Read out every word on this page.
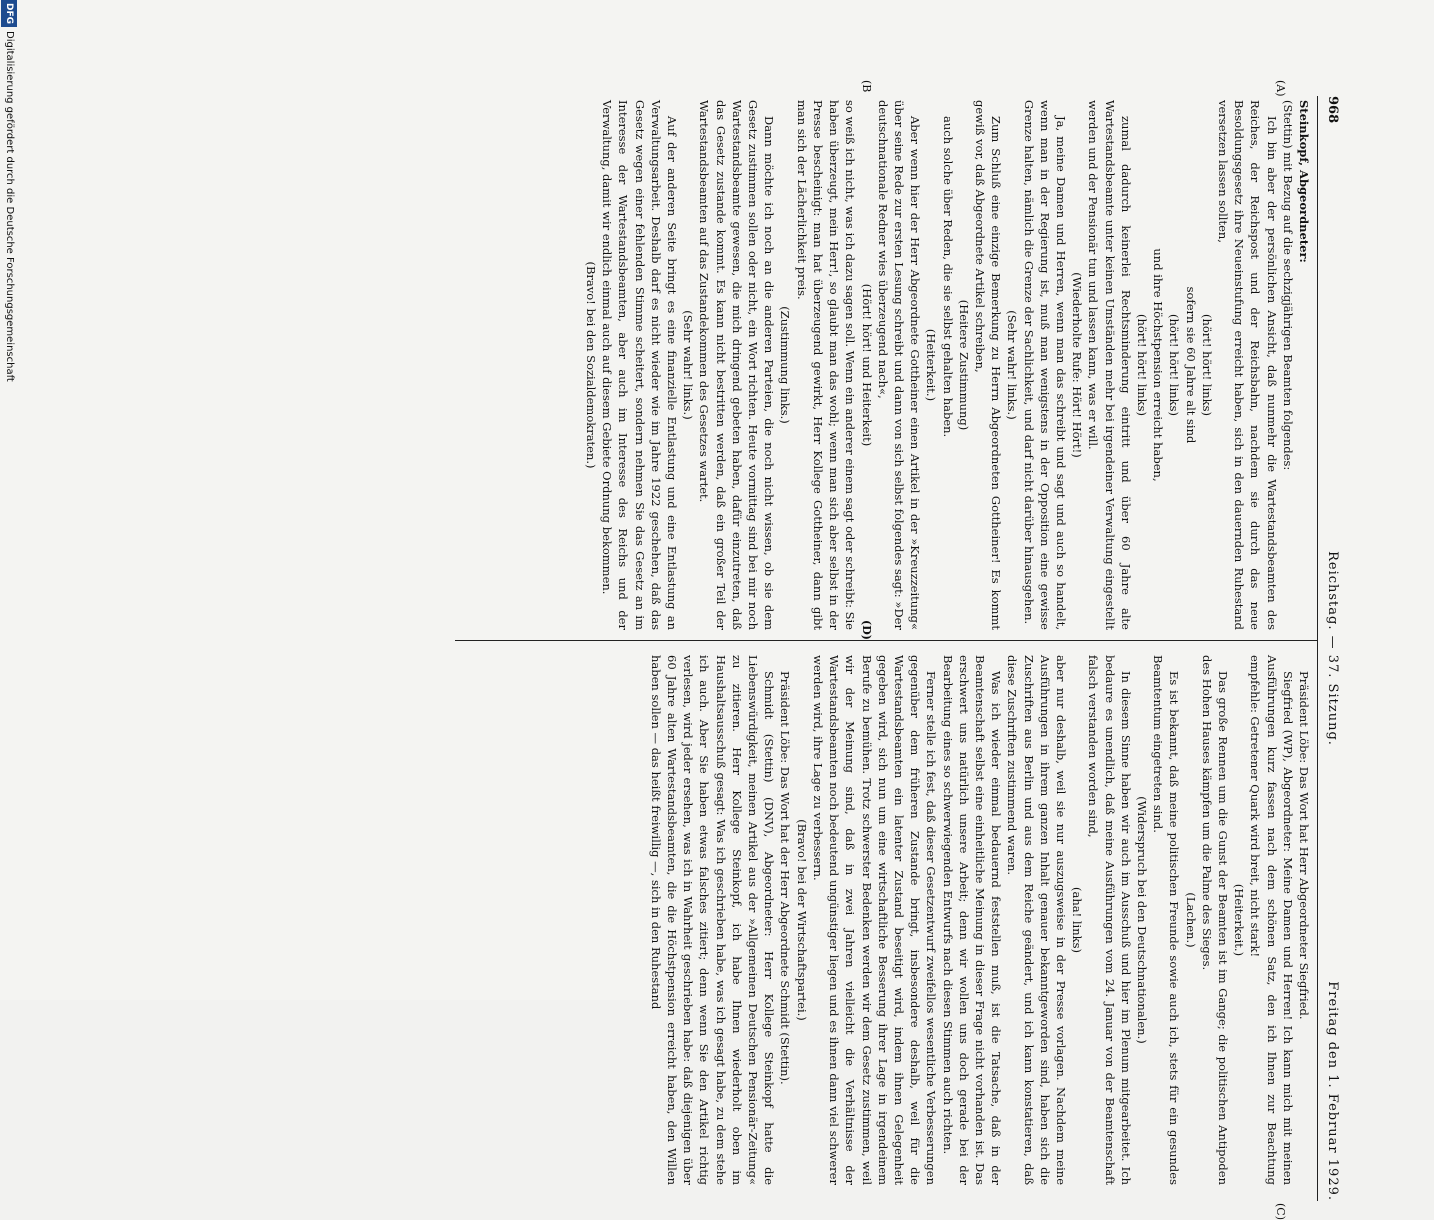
968
Reichstag. — 37. Sitzung.
Freitag den 1. Februar 1929.
(A)
(B
(C)
(D)

Steinkopf, Abgeordneter:

(Stettin) mit Bezug auf die sechzigjährigen Beamten folgendes:

Ich bin aber der persönlichen Ansicht, daß nunmehr die Wartestandsbeamten des Reiches, der Reichspost und der Reichsbahn, nachdem sie durch das neue Besoldungsgesetz ihre Neueinstufung erreicht haben, sich in den dauernden Ruhestand versetzen lassen sollten,

(hört! hört! links)

sofern sie 60 Jahre alt sind

(hört! hört! links)

und ihre Höchstpension erreicht haben,

(hört! hört! links)

zumal dadurch keinerlei Rechtsminderung eintritt und über 60 Jahre alte Wartestandsbeamte unter keinen Umständen mehr bei irgendeiner Verwaltung eingestellt werden und der Pensionär tun und lassen kann, was er will.

(Wiederholte Rufe: Hört! Hört!)

Ja, meine Damen und Herren, wenn man das schreibt und sagt und auch so handelt, wenn man in der Regierung ist, muß man wenigstens in der Opposition eine gewisse Grenze halten, nämlich die Grenze der Sachlichkeit, und darf nicht darüber hinausgehen.

(Sehr wahr! links.)

Zum Schluß eine einzige Bemerkung zu Herrn Abgeordneten Gottheiner! Es kommt gewiß vor, daß Abgeordnete Artikel schreiben,

(Heitere Zustimmung)

auch solche über Reden, die sie selbst gehalten haben.

(Heiterkeit.)

Aber wenn hier der Herr Abgeordnete Gottheiner einen Artikel in der »Kreuzzeitung« über seine Rede zur ersten Lesung schreibt und dann von sich selbst folgendes sagt: »Der deutschnationale Redner wies überzeugend nach«,

(Hört! hört! und Heiterkeit)

so weiß ich nicht, was ich dazu sagen soll. Wenn ein anderer einem sagt oder schreibt: Sie haben überzeugt, mein Herr!, so glaubt man das wohl; wenn man sich aber selbst in der Presse bescheinigt: man hat überzeugend gewirkt, Herr Kollege Gottheiner, dann gibt man sich der Lächerlichkeit preis.

(Zustimmung links.)

Dann möchte ich noch an die anderen Parteien, die noch nicht wissen, ob sie dem Gesetz zustimmen sollen oder nicht, ein Wort richten. Heute vormittag sind bei mir noch Wartestandsbeamte gewesen, die mich dringend gebeten haben, dafür einzutreten, daß das Gesetz zustande kommt. Es kann nicht bestritten werden, daß ein großer Teil der Wartestandsbeamten auf das Zustandekommen des Gesetzes wartet.

(Sehr wahr! links.)

Auf der anderen Seite bringt es eine finanzielle Entlastung und eine Entlastung an Verwaltungsarbeit. Deshalb darf es nicht wieder wie im Jahre 1922 geschehen, daß das Gesetz wegen einer fehlenden Stimme scheitert, sondern nehmen Sie das Gesetz an im Interesse der Wartestandsbeamten, aber auch im Interesse des Reichs und der Verwaltung, damit wir endlich einmal auch auf diesem Gebiete Ordnung bekommen.

(Bravo! bei den Sozialdemokraten.)

Präsident Löbe: Das Wort hat Herr Abgeordneter Siegfried.

Siegfried (WP), Abgeordneter: Meine Damen und Herren! Ich kann mich mit meinen Ausführungen kurz fassen nach dem schönen Satz, den ich Ihnen zur Beachtung empfehle: Getretener Quark wird breit, nicht stark!

(Heiterkeit.)

Das große Rennen um die Gunst der Beamten ist im Gange; die politischen Antipoden des Hohen Hauses kämpfen um die Palme des Sieges.

(Lachen.)

Es ist bekannt, daß meine politischen Freunde sowie auch ich, stets für ein gesundes Beamtentum eingetreten sind.

(Widerspruch bei den Deutschnationalen.)

In diesem Sinne haben wir auch im Ausschuß und hier im Plenum mitgearbeitet. Ich bedaure es unendlich, daß meine Ausführungen vom 24. Januar von der Beamtenschaft falsch verstanden worden sind,

(aha! links)

aber nur deshalb, weil sie nur auszugsweise in der Presse vorlagen. Nachdem meine Ausführungen in ihrem ganzen Inhalt genauer bekanntgeworden sind, haben sich die Zuschriften aus Berlin und aus dem Reiche geändert, und ich kann konstatieren, daß diese Zuschriften zustimmend waren.

Was ich wieder einmal bedauernd feststellen muß, ist die Tatsache, daß in der Beamtenschaft selbst eine einheitliche Meinung in dieser Frage nicht vorhanden ist. Das erschwert uns natürlich unsere Arbeit; denn wir wollen uns doch gerade bei der Bearbeitung eines so schwerwiegenden Entwurfs nach diesen Stimmen auch richten.

Ferner stelle ich fest, daß dieser Gesetzentwurf zweifellos wesentliche Verbesserungen gegenüber dem früheren Zustande bringt, insbesondere deshalb, weil für die Wartestandsbeamten ein latenter Zustand beseitigt wird, indem ihnen Gelegenheit gegeben wird, sich nun um eine wirtschaftliche Besserung ihrer Lage in irgendeinem Berufe zu bemühen. Trotz schwerster Bedenken werden wir dem Gesetz zustimmen, weil wir der Meinung sind, daß in zwei Jahren vielleicht die Verhältnisse der Wartestandsbeamten noch bedeutend ungünstiger liegen und es ihnen dann viel schwerer werden wird, ihre Lage zu verbessern.

(Bravo! bei der Wirtschaftspartei.)

Präsident Löbe: Das Wort hat der Herr Abgeordnete Schmidt (Stettin).

Schmidt (Stettin) (DNV), Abgeordneter: Herr Kollege Steinkopf hatte die Liebenswürdigkeit, meinen Artikel aus der »Allgemeinen Deutschen Pensionär-Zeitung« zu zitieren. Herr Kollege Steinkopf, ich habe Ihnen wiederholt oben im Haushaltsausschuß gesagt: Was ich geschrieben habe, was ich gesagt habe, zu dem stehe ich auch. Aber Sie haben etwas falsches zitiert; denn wenn Sie den Artikel richtig verlesen, wird jeder ersehen, was ich in Wahrheit geschrieben habe: daß diejenigen über 60 Jahre alten Wartestandsbeamten, die die Höchstpension erreicht haben, den Willen haben sollen — das heißt freiwillig —, sich in den Ruhestand

DFGDigitalisierung gefördert durch die Deutsche Forschungsgemeinschaft
